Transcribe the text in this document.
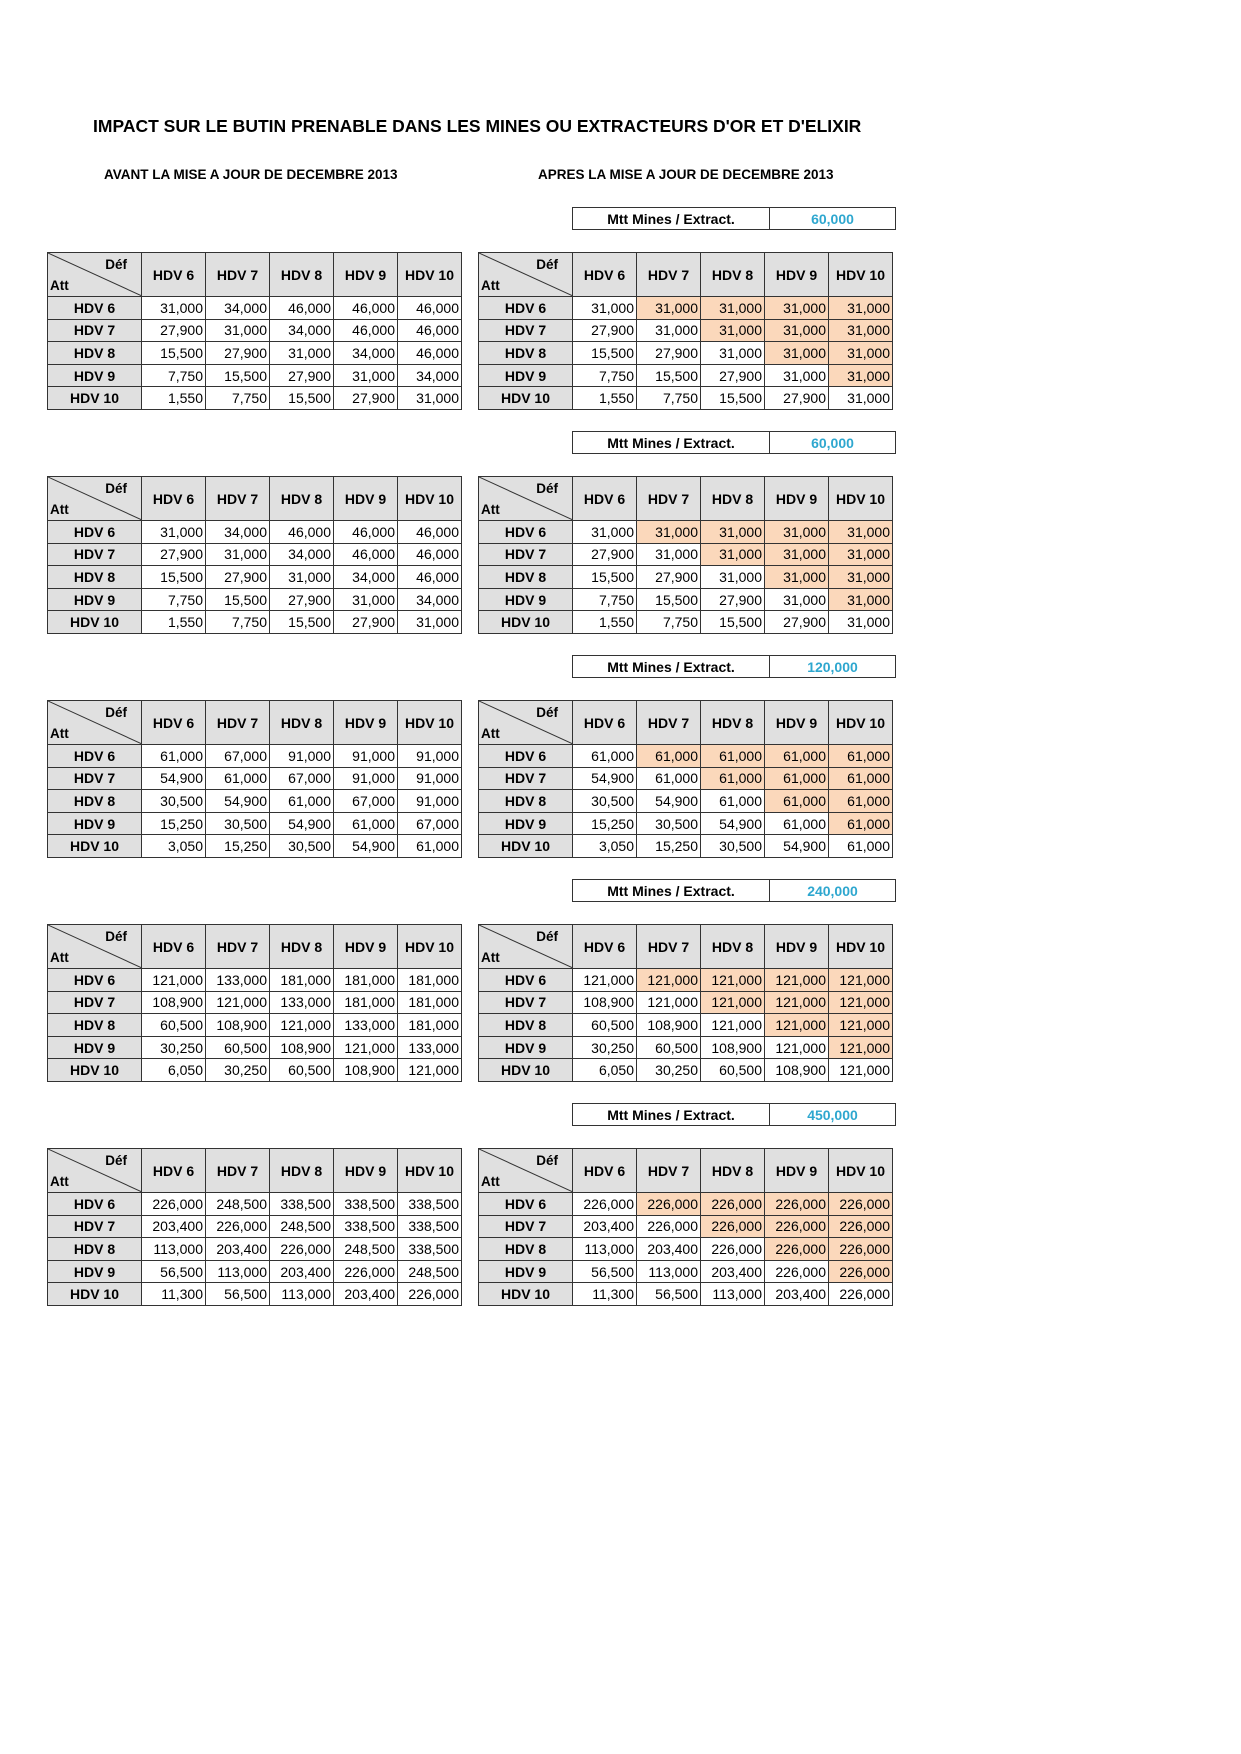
IMPACT SUR LE BUTIN PRENABLE DANS LES MINES OU EXTRACTEURS D'OR ET D'ELIXIR
AVANT LA MISE A JOUR DE DECEMBRE 2013	APRES LA MISE A JOUR DE DECEMBRE 2013
Mtt Mines / Extract.	60,000
Déf
Att	HDV 6	HDV 7	HDV 8	HDV 9	HDV 10
HDV 6	31,000	34,000	46,000	46,000	46,000
HDV 7	27,900	31,000	34,000	46,000	46,000
HDV 8	15,500	27,900	31,000	34,000	46,000
HDV 9	7,750	15,500	27,900	31,000	34,000
HDV 10	1,550	7,750	15,500	27,900	31,000
Déf
Att	HDV 6	HDV 7	HDV 8	HDV 9	HDV 10
HDV 6	31,000	31,000	31,000	31,000	31,000
HDV 7	27,900	31,000	31,000	31,000	31,000
HDV 8	15,500	27,900	31,000	31,000	31,000
HDV 9	7,750	15,500	27,900	31,000	31,000
HDV 10	1,550	7,750	15,500	27,900	31,000
Mtt Mines / Extract.	60,000
Déf
Att	HDV 6	HDV 7	HDV 8	HDV 9	HDV 10
HDV 6	31,000	34,000	46,000	46,000	46,000
HDV 7	27,900	31,000	34,000	46,000	46,000
HDV 8	15,500	27,900	31,000	34,000	46,000
HDV 9	7,750	15,500	27,900	31,000	34,000
HDV 10	1,550	7,750	15,500	27,900	31,000
Déf
Att	HDV 6	HDV 7	HDV 8	HDV 9	HDV 10
HDV 6	31,000	31,000	31,000	31,000	31,000
HDV 7	27,900	31,000	31,000	31,000	31,000
HDV 8	15,500	27,900	31,000	31,000	31,000
HDV 9	7,750	15,500	27,900	31,000	31,000
HDV 10	1,550	7,750	15,500	27,900	31,000
Mtt Mines / Extract.	120,000
Déf
Att	HDV 6	HDV 7	HDV 8	HDV 9	HDV 10
HDV 6	61,000	67,000	91,000	91,000	91,000
HDV 7	54,900	61,000	67,000	91,000	91,000
HDV 8	30,500	54,900	61,000	67,000	91,000
HDV 9	15,250	30,500	54,900	61,000	67,000
HDV 10	3,050	15,250	30,500	54,900	61,000
Déf
Att	HDV 6	HDV 7	HDV 8	HDV 9	HDV 10
HDV 6	61,000	61,000	61,000	61,000	61,000
HDV 7	54,900	61,000	61,000	61,000	61,000
HDV 8	30,500	54,900	61,000	61,000	61,000
HDV 9	15,250	30,500	54,900	61,000	61,000
HDV 10	3,050	15,250	30,500	54,900	61,000
Mtt Mines / Extract.	240,000
Déf
Att	HDV 6	HDV 7	HDV 8	HDV 9	HDV 10
HDV 6	121,000	133,000	181,000	181,000	181,000
HDV 7	108,900	121,000	133,000	181,000	181,000
HDV 8	60,500	108,900	121,000	133,000	181,000
HDV 9	30,250	60,500	108,900	121,000	133,000
HDV 10	6,050	30,250	60,500	108,900	121,000
Déf
Att	HDV 6	HDV 7	HDV 8	HDV 9	HDV 10
HDV 6	121,000	121,000	121,000	121,000	121,000
HDV 7	108,900	121,000	121,000	121,000	121,000
HDV 8	60,500	108,900	121,000	121,000	121,000
HDV 9	30,250	60,500	108,900	121,000	121,000
HDV 10	6,050	30,250	60,500	108,900	121,000
Mtt Mines / Extract.	450,000
Déf
Att	HDV 6	HDV 7	HDV 8	HDV 9	HDV 10
HDV 6	226,000	248,500	338,500	338,500	338,500
HDV 7	203,400	226,000	248,500	338,500	338,500
HDV 8	113,000	203,400	226,000	248,500	338,500
HDV 9	56,500	113,000	203,400	226,000	248,500
HDV 10	11,300	56,500	113,000	203,400	226,000
Déf
Att	HDV 6	HDV 7	HDV 8	HDV 9	HDV 10
HDV 6	226,000	226,000	226,000	226,000	226,000
HDV 7	203,400	226,000	226,000	226,000	226,000
HDV 8	113,000	203,400	226,000	226,000	226,000
HDV 9	56,500	113,000	203,400	226,000	226,000
HDV 10	11,300	56,500	113,000	203,400	226,000
